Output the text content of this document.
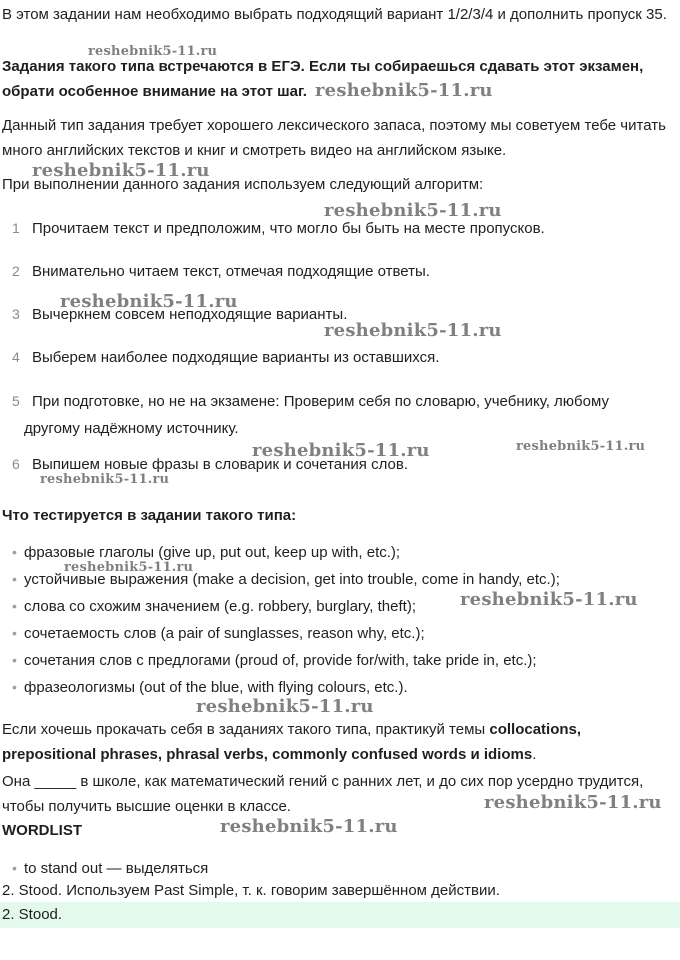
В этом задании нам необходимо выбрать подходящий вариант 1/2/3/4 и дополнить пропуск 35.

Задания такого типа встречаются в ЕГЭ. Если ты собираешься сдавать этот экзамен, обрати особенное внимание на этот шаг.

Данный тип задания требует хорошего лексического запаса, поэтому мы советуем тебе читать много английских текстов и книг и смотреть видео на английском языке.

При выполнении данного задания используем следующий алгоритм:

1 Прочитаем текст и предположим, что могло бы быть на месте пропусков.
2 Внимательно читаем текст, отмечая подходящие ответы.
3 Вычеркнем совсем неподходящие варианты.
4 Выберем наиболее подходящие варианты из оставшихся.
5 При подготовке, но не на экзамене: Проверим себя по словарю, учебнику, любому
другому надёжному источнику.
6 Выпишем новые фразы в словарик и сочетания слов.

Что тестируется в задании такого типа:

• фразовые глаголы (give up, put out, keep up with, etc.);
• устойчивые выражения (make a decision, get into trouble, come in handy, etc.);
• слова со схожим значением (e.g. robbery, burglary, theft);
• сочетаемость слов (a pair of sunglasses, reason why, etc.);
• сочетания слов с предлогами (proud of, provide for/with, take pride in, etc.);
• фразеологизмы (out of the blue, with flying colours, etc.).

Если хочешь прокачать себя в заданиях такого типа, практикуй темы collocations, prepositional phrases, phrasal verbs, commonly confused words и idioms.

Она _____ в школе, как математический гений с ранних лет, и до сих пор усердно трудится, чтобы получить высшие оценки в классе.

WORDLIST

• to stand out — выделяться

2. Stood. Используем Past Simple, т. к. говорим завершённом действии.

2. Stood.
reshebnik5-11.ru
reshebnik5-11.ru
reshebnik5-11.ru
reshebnik5-11.ru
reshebnik5-11.ru
reshebnik5-11.ru
reshebnik5-11.ru	reshebnik5-11.ru
reshebnik5-11.ru
reshebnik5-11.ru
reshebnik5-11.ru
reshebnik5-11.ru
reshebnik5-11.ru
reshebnik5-11.ru
